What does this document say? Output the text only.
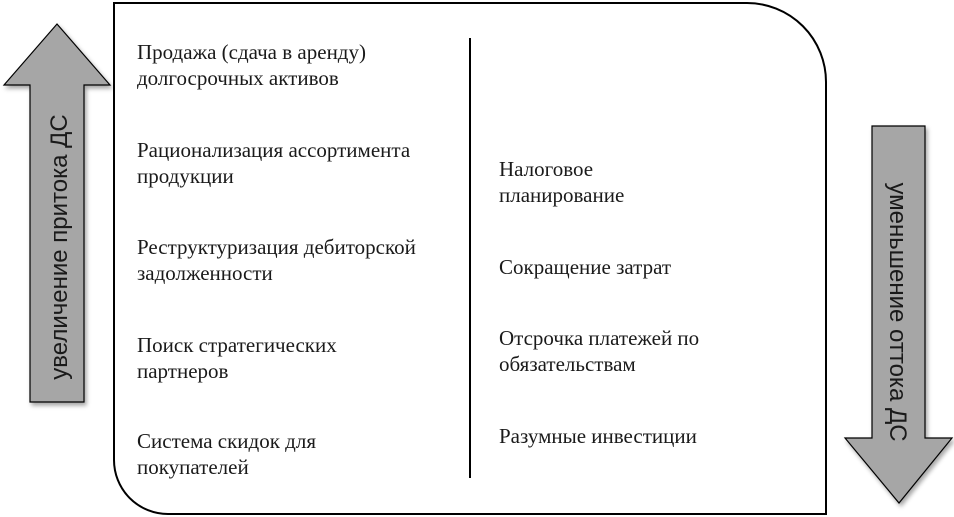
увеличение притока ДС	уменьшение оттока ДС
Продажа (сдача в аренду)
долгосрочных активов
Рационализация ассортимента
продукции
Реструктуризация дебиторской
задолженности
Поиск стратегических
партнеров
Система скидок для
покупателей
Налоговое
планирование
Сокращение затрат
Отсрочка платежей по
обязательствам
Разумные инвестиции
